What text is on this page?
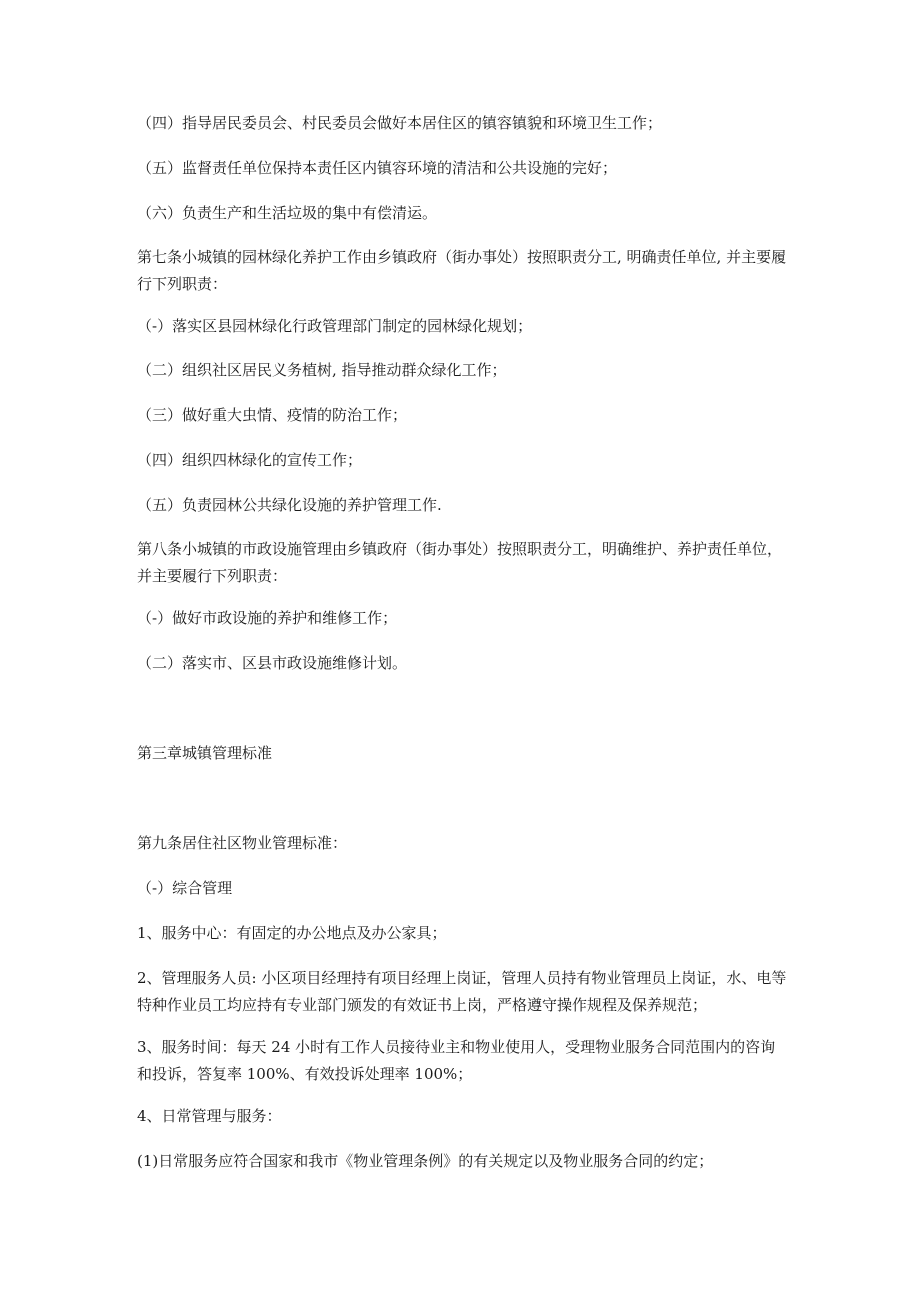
（四）指导居民委员会、村民委员会做好本居住区的镇容镇貌和环境卫生工作；

（五）监督责任单位保持本责任区内镇容环境的清洁和公共设施的完好；

（六）负责生产和生活垃圾的集中有偿清运。

第七条小城镇的园林绿化养护工作由乡镇政府（街办事处）按照职责分工, 明确责任单位, 并主要履行下列职责：

（-）落实区县园林绿化行政管理部门制定的园林绿化规划；

（二）组织社区居民义务植树, 指导推动群众绿化工作；

（三）做好重大虫情、疫情的防治工作；

（四）组织四林绿化的宣传工作；

（五）负责园林公共绿化设施的养护管理工作.

第八条小城镇的市政设施管理由乡镇政府（街办事处）按照职责分工，明确维护、养护责任单位，并主要履行下列职责：

（-）做好市政设施的养护和维修工作；

（二）落实市、区县市政设施维修计划。

第三章城镇管理标准

第九条居住社区物业管理标准：

（-）综合管理

1、服务中心：有固定的办公地点及办公家具；

2、管理服务人员: 小区项目经理持有项目经理上岗证，管理人员持有物业管理员上岗证，水、电等特种作业员工均应持有专业部门颁发的有效证书上岗，严格遵守操作规程及保养规范；

3、服务时间：每天 24 小时有工作人员接待业主和物业使用人，受理物业服务合同范围内的咨询和投诉，答复率 100%、有效投诉处理率 100%；

4、日常管理与服务：

(1)日常服务应符合国家和我市《物业管理条例》的有关规定以及物业服务合同的约定；
